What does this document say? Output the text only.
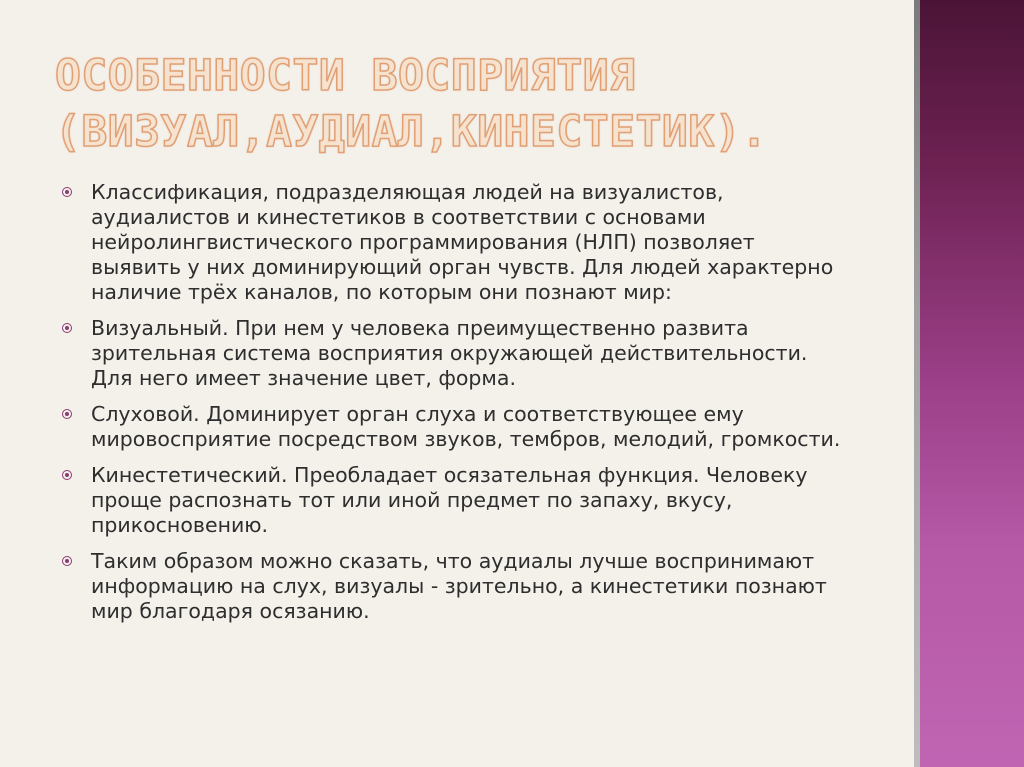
ОСОБЕННОСТИ ВОСПРИЯТИЯ
(ВИЗУАЛ,АУДИАЛ,КИНЕСТЕТИК).
Классификация, подразделяющая людей на визуалистов, аудиалистов и кинестетиков в соответствии с основами нейролингвистического программирования (НЛП) позволяет выявить у них доминирующий орган чувств. Для людей характерно наличие трёх каналов, по которым они познают мир:
Визуальный. При нем у человека преимущественно развита зрительная система восприятия окружающей действительности. Для него имеет значение цвет, форма.
Слуховой. Доминирует орган слуха и соответствующее ему мировосприятие посредством звуков, тембров, мелодий, громкости.
Кинестетический. Преобладает осязательная функция. Человеку проще распознать тот или иной предмет по запаху, вкусу, прикосновению.
Таким образом можно сказать, что аудиалы лучше воспринимают информацию на слух, визуалы - зрительно, а кинестетики познают мир благодаря осязанию.
